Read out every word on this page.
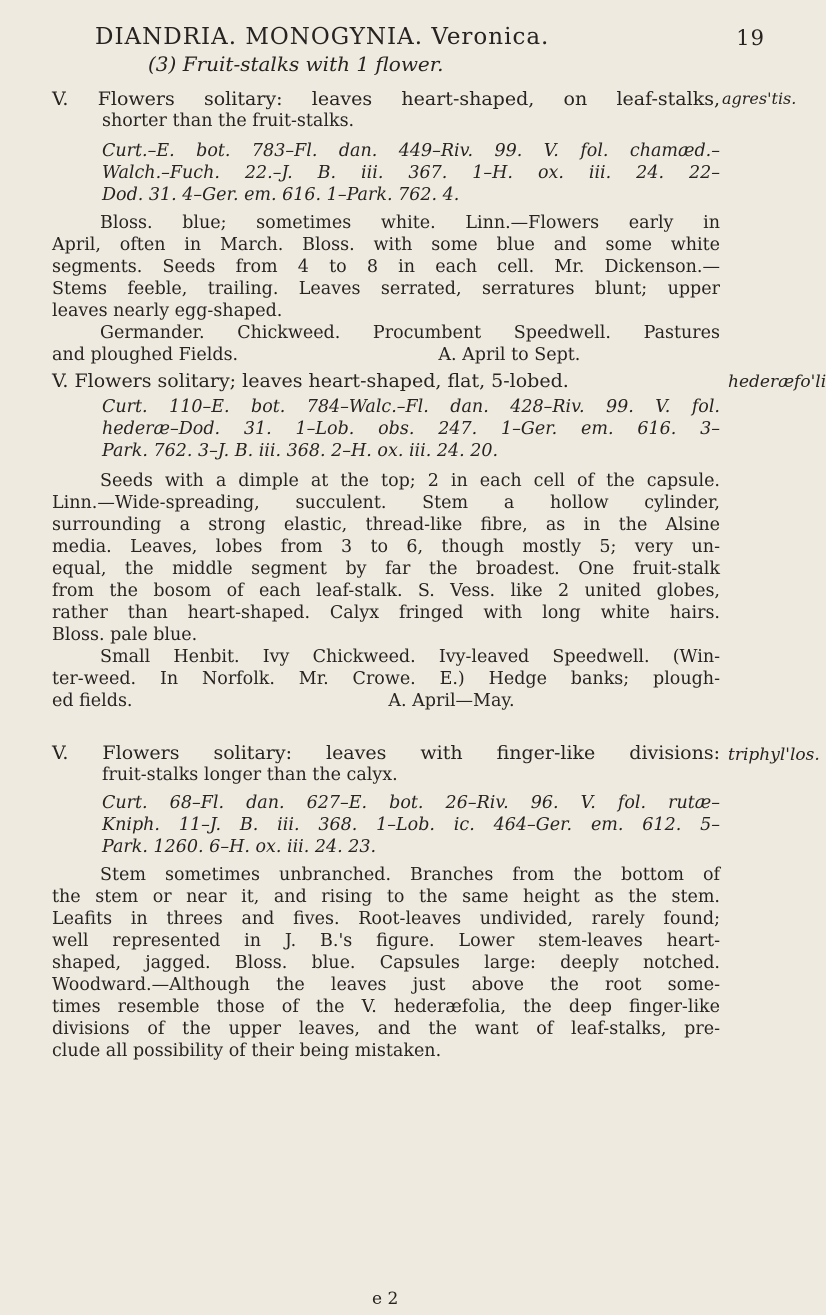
DIANDRIA. MONOGYNIA. Veronica.	19
(3) Fruit-stalks with 1 flower.
V. Flowers solitary: leaves heart-shaped, on leaf-stalks,
shorter than the fruit-stalks.
Curt.–E. bot. 783–Fl. dan. 449–Riv. 99. V. fol. chamæd.–
Walch.–Fuch. 22.–J. B. iii. 367. 1–H. ox. iii. 24. 22–
Dod. 31. 4–Ger. em. 616. 1–Park. 762. 4.
Bloss. blue; sometimes white. Linn.—Flowers early in
April, often in March. Bloss. with some blue and some white
segments. Seeds from 4 to 8 in each cell. Mr. Dickenson.—
Stems feeble, trailing. Leaves serrated, serratures blunt; upper
leaves nearly egg-shaped.
Germander. Chickweed. Procumbent Speedwell. Pastures
and ploughed Fields.                                    A. April to Sept.
agres'tis.
V. Flowers solitary; leaves heart-shaped, flat, 5-lobed.
Curt. 110–E. bot. 784–Walc.–Fl. dan. 428–Riv. 99. V. fol.
hederæ–Dod. 31. 1–Lob. obs. 247. 1–Ger. em. 616. 3–
Park. 762. 3–J. B. iii. 368. 2–H. ox. iii. 24. 20.
Seeds with a dimple at the top; 2 in each cell of the capsule.
Linn.—Wide-spreading, succulent. Stem a hollow cylinder,
surrounding a strong elastic, thread-like fibre, as in the Alsine
media. Leaves, lobes from 3 to 6, though mostly 5; very un-
equal, the middle segment by far the broadest. One fruit-stalk
from the bosom of each leaf-stalk. S. Vess. like 2 united globes,
rather than heart-shaped. Calyx fringed with long white hairs.
Bloss. pale blue.
Small Henbit. Ivy Chickweed. Ivy-leaved Speedwell. (Win-
ter-weed. In Norfolk. Mr. Crowe. E.) Hedge banks; plough-
ed fields.                                              A. April—May.
hederæfo'li
V. Flowers solitary: leaves with finger-like divisions:
fruit-stalks longer than the calyx.
Curt. 68–Fl. dan. 627–E. bot. 26–Riv. 96. V. fol. rutæ–
Kniph. 11–J. B. iii. 368. 1–Lob. ic. 464–Ger. em. 612. 5–
Park. 1260. 6–H. ox. iii. 24. 23.
Stem sometimes unbranched. Branches from the bottom of
the stem or near it, and rising to the same height as the stem.
Leafits in threes and fives. Root-leaves undivided, rarely found;
well represented in J. B.'s figure. Lower stem-leaves heart-
shaped, jagged. Bloss. blue. Capsules large: deeply notched.
Woodward.—Although the leaves just above the root some-
times resemble those of the V. hederæfolia, the deep finger-like
divisions of the upper leaves, and the want of leaf-stalks, pre-
clude all possibility of their being mistaken.
triphyl'los.
e 2
